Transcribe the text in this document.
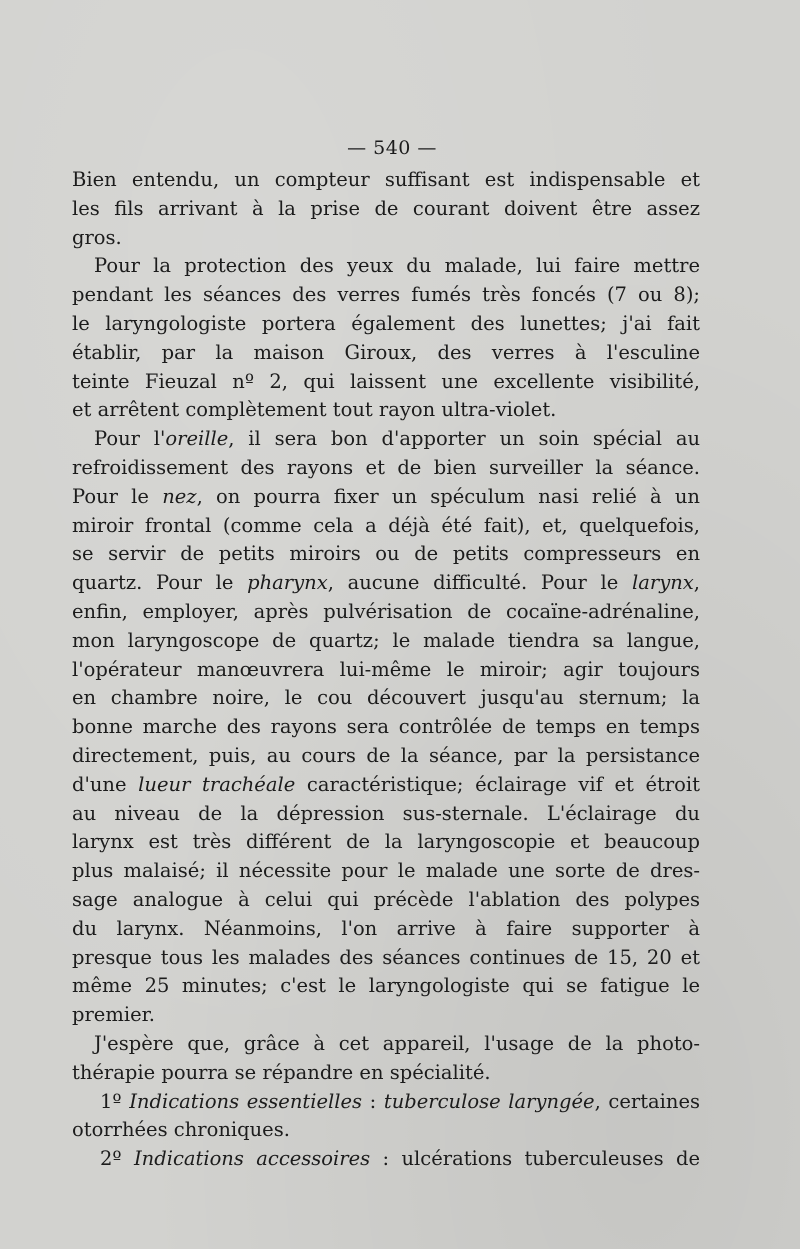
— 540 —
Bien entendu, un compteur suffisant est indispensable et
les fils arrivant à la prise de courant doivent être assez
gros.
Pour la protection des yeux du malade, lui faire mettre
pendant les séances des verres fumés très foncés (7 ou 8);
le laryngologiste portera également des lunettes; j'ai fait
établir, par la maison Giroux, des verres à l'esculine
teinte Fieuzal nº 2, qui laissent une excellente visibilité,
et arrêtent complètement tout rayon ultra-violet.
Pour l'oreille, il sera bon d'apporter un soin spécial au
refroidissement des rayons et de bien surveiller la séance.
Pour le nez, on pourra fixer un spéculum nasi relié à un
miroir frontal (comme cela a déjà été fait), et, quelquefois,
se servir de petits miroirs ou de petits compresseurs en
quartz. Pour le pharynx, aucune difficulté. Pour le larynx,
enfin, employer, après pulvérisation de cocaïne-adrénaline,
mon laryngoscope de quartz; le malade tiendra sa langue,
l'opérateur manœuvrera lui-même le miroir; agir toujours
en chambre noire, le cou découvert jusqu'au sternum; la
bonne marche des rayons sera contrôlée de temps en temps
directement, puis, au cours de la séance, par la persistance
d'une lueur trachéale caractéristique; éclairage vif et étroit
au niveau de la dépression sus-sternale. L'éclairage du
larynx est très différent de la laryngoscopie et beaucoup
plus malaisé; il nécessite pour le malade une sorte de dres-
sage analogue à celui qui précède l'ablation des polypes
du larynx. Néanmoins, l'on arrive à faire supporter à
presque tous les malades des séances continues de 15, 20 et
même 25 minutes; c'est le laryngologiste qui se fatigue le
premier.
J'espère que, grâce à cet appareil, l'usage de la photo-
thérapie pourra se répandre en spécialité.
1º Indications essentielles : tuberculose laryngée, certaines
otorrhées chroniques.
2º Indications accessoires : ulcérations tuberculeuses de
